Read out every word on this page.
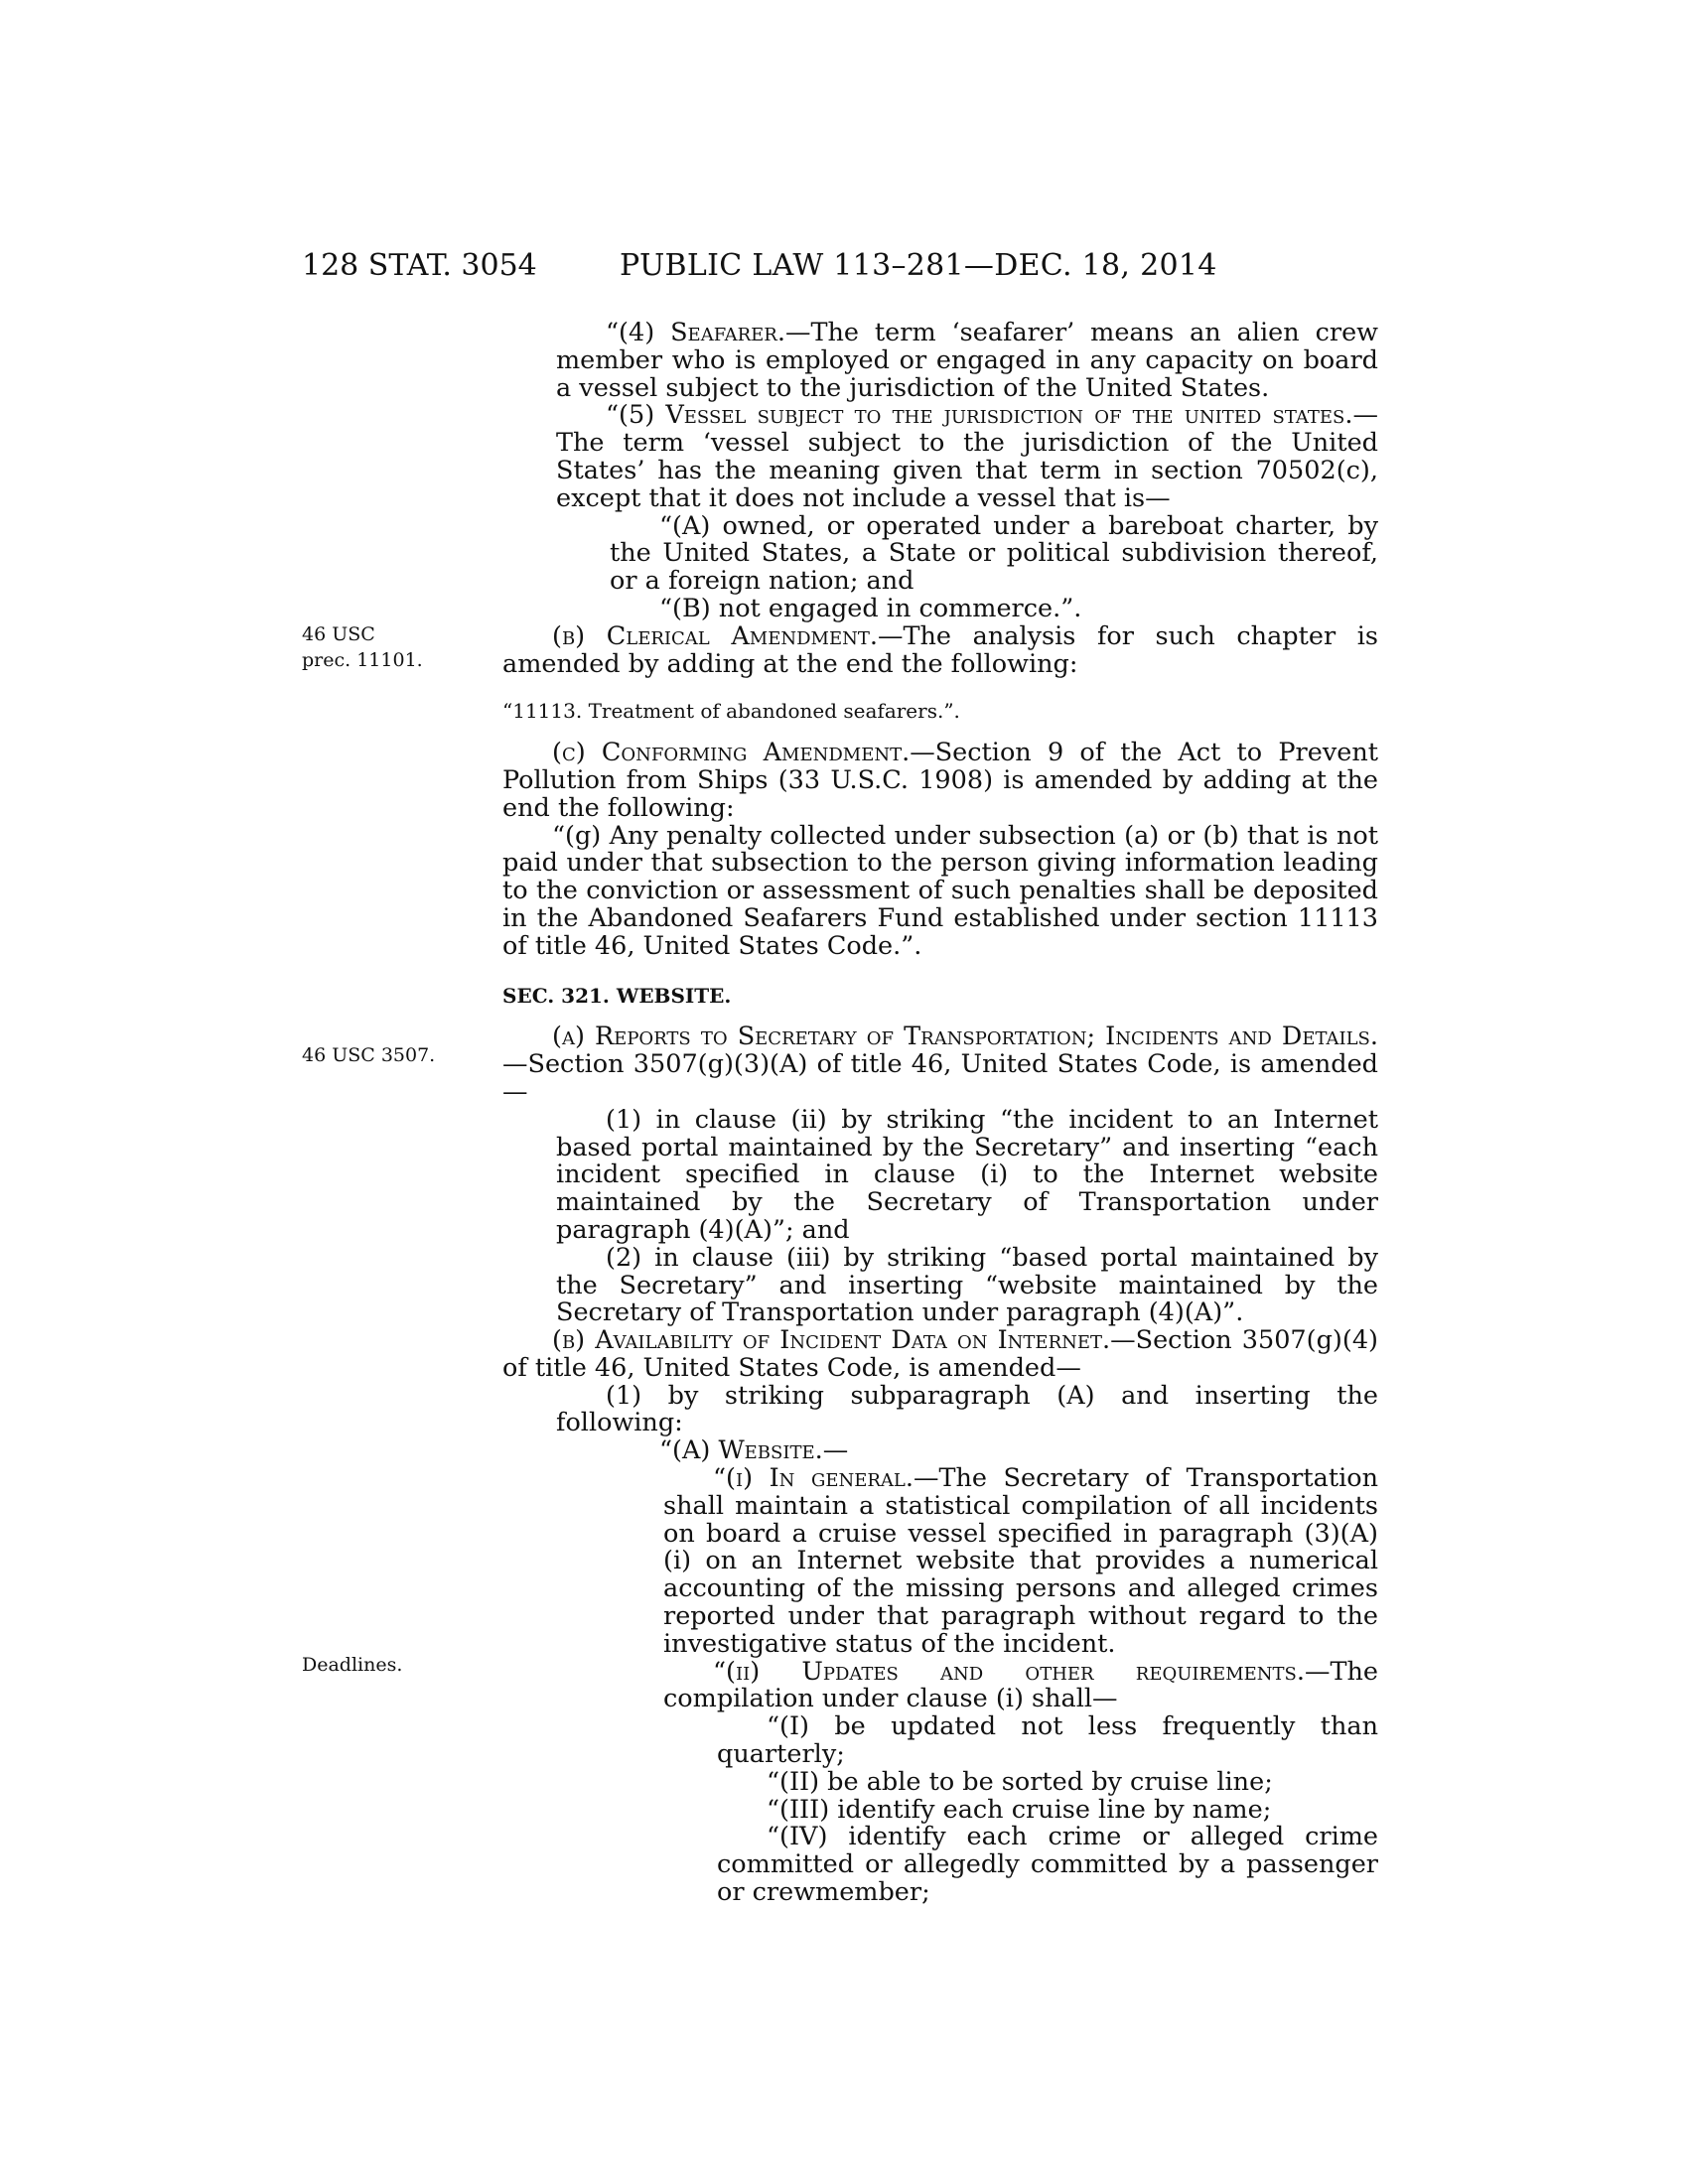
128 STAT. 3054	PUBLIC LAW 113–281—DEC. 18, 2014
46 USC
prec. 11101.
46 USC 3507.
Deadlines.

“(4) Seafarer.—The term ‘seafarer’ means an alien crew member who is employed or engaged in any capacity on board a vessel subject to the jurisdiction of the United States.

“(5) Vessel subject to the jurisdiction of the united states.—The term ‘vessel subject to the jurisdiction of the United States’ has the meaning given that term in section 70502(c), except that it does not include a vessel that is—

“(A) owned, or operated under a bareboat charter, by the United States, a State or political subdivision thereof, or a foreign nation; and

“(B) not engaged in commerce.”.

(b) Clerical Amendment.—The analysis for such chapter is amended by adding at the end the following:

“11113. Treatment of abandoned seafarers.”.

(c) Conforming Amendment.—Section 9 of the Act to Prevent Pollution from Ships (33 U.S.C. 1908) is amended by adding at the end the following:

“(g) Any penalty collected under subsection (a) or (b) that is not paid under that subsection to the person giving information leading to the conviction or assessment of such penalties shall be deposited in the Abandoned Seafarers Fund established under section 11113 of title 46, United States Code.”.

SEC. 321. WEBSITE.

(a) Reports to Secretary of Transportation; Incidents and Details.—Section 3507(g)(3)(A) of title 46, United States Code, is amended—

(1) in clause (ii) by striking “the incident to an Internet based portal maintained by the Secretary” and inserting “each incident specified in clause (i) to the Internet website maintained by the Secretary of Transportation under paragraph (4)(A)”; and

(2) in clause (iii) by striking “based portal maintained by the Secretary” and inserting “website maintained by the Secretary of Transportation under paragraph (4)(A)”.

(b) Availability of Incident Data on Internet.—Section 3507(g)(4) of title 46, United States Code, is amended—

(1) by striking subparagraph (A) and inserting the following:

“(A) Website.—

“(i) In general.—The Secretary of Transportation shall maintain a statistical compilation of all incidents on board a cruise vessel specified in paragraph (3)(A)(i) on an Internet website that provides a numerical accounting of the missing persons and alleged crimes reported under that paragraph without regard to the investigative status of the incident.

“(ii) Updates and other requirements.—The compilation under clause (i) shall—

“(I) be updated not less frequently than quarterly;

“(II) be able to be sorted by cruise line;

“(III) identify each cruise line by name;

“(IV) identify each crime or alleged crime committed or allegedly committed by a passenger or crewmember;
